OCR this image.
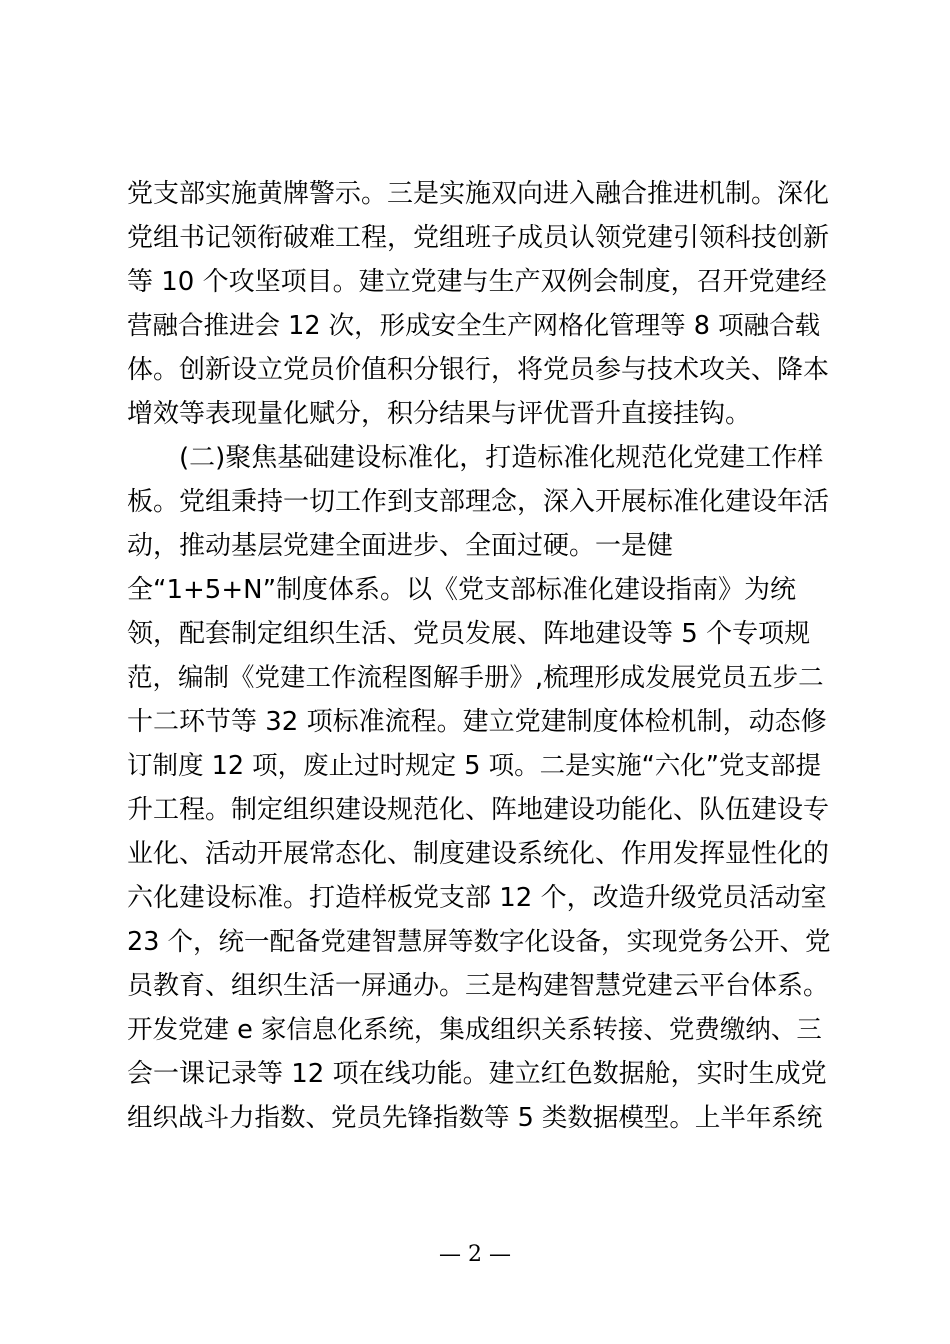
党支部实施黄牌警示。三是实施双向进入融合推进机制。深化
党组书记领衔破难工程，党组班子成员认领党建引领科技创新
等 10 个攻坚项目。建立党建与生产双例会制度，召开党建经
营融合推进会 12 次，形成安全生产网格化管理等 8 项融合载
体。创新设立党员价值积分银行，将党员参与技术攻关、降本
增效等表现量化赋分，积分结果与评优晋升直接挂钩。
(二)聚焦基础建设标准化，打造标准化规范化党建工作样
板。党组秉持一切工作到支部理念，深入开展标准化建设年活
动，推动基层党建全面进步、全面过硬。一是健
全“1+5+N”制度体系。以《党支部标准化建设指南》为统
领，配套制定组织生活、党员发展、阵地建设等 5 个专项规
范，编制《党建工作流程图解手册》,梳理形成发展党员五步二
十二环节等 32 项标准流程。建立党建制度体检机制，动态修
订制度 12 项，废止过时规定 5 项。二是实施“六化”党支部提
升工程。制定组织建设规范化、阵地建设功能化、队伍建设专
业化、活动开展常态化、制度建设系统化、作用发挥显性化的
六化建设标准。打造样板党支部 12 个，改造升级党员活动室
23 个，统一配备党建智慧屏等数字化设备，实现党务公开、党
员教育、组织生活一屏通办。三是构建智慧党建云平台体系。
开发党建 e 家信息化系统，集成组织关系转接、党费缴纳、三
会一课记录等 12 项在线功能。建立红色数据舱，实时生成党
组织战斗力指数、党员先锋指数等 5 类数据模型。上半年系统
— 2 —
